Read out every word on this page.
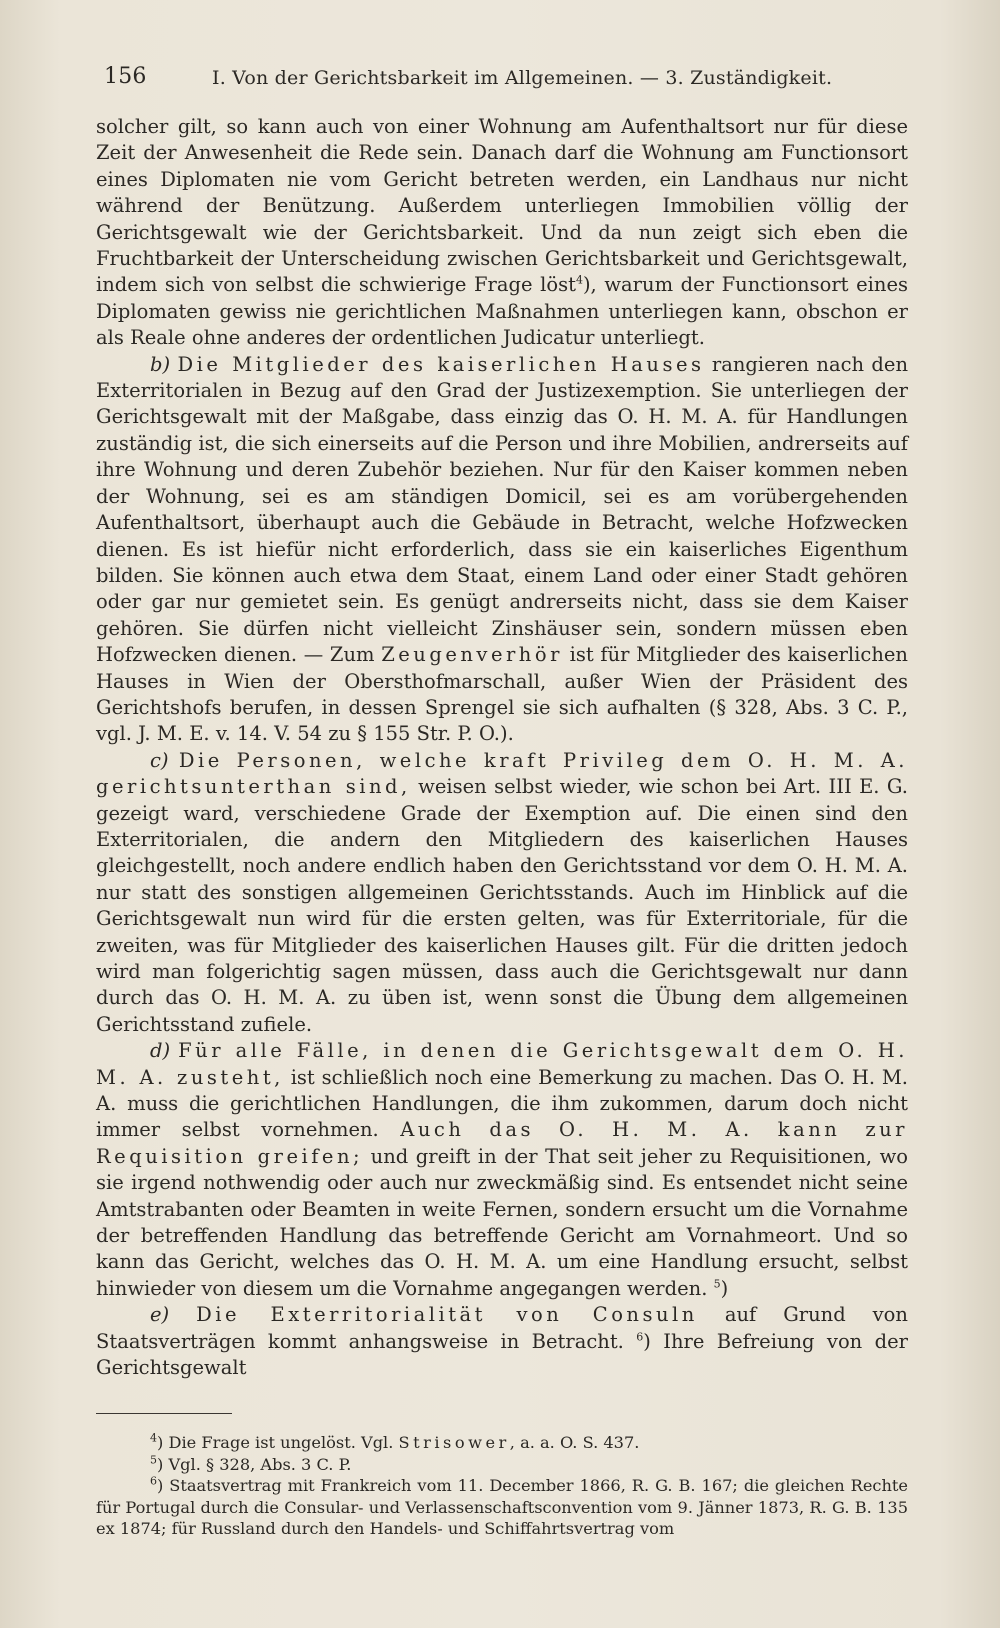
156	I. Von der Gerichtsbarkeit im Allgemeinen. — 3. Zuständigkeit.

solcher gilt, so kann auch von einer Wohnung am Aufenthaltsort nur für diese Zeit der Anwesenheit die Rede sein. Danach darf die Wohnung am Functionsort eines Diplomaten nie vom Gericht betreten werden, ein Landhaus nur nicht während der Benützung. Außerdem unterliegen Immobilien völlig der Gerichtsgewalt wie der Gerichtsbarkeit. Und da nun zeigt sich eben die Fruchtbarkeit der Unterscheidung zwischen Gerichtsbarkeit und Gerichtsgewalt, indem sich von selbst die schwierige Frage löst$^4$), warum der Functionsort eines Diplomaten gewiss nie gerichtlichen Maßnahmen unterliegen kann, obschon er als Reale ohne anderes der ordentlichen Judicatur unterliegt.

b) Die Mitglieder des kaiserlichen Hauses rangieren nach den Exterritorialen in Bezug auf den Grad der Justizexemption. Sie unterliegen der Gerichtsgewalt mit der Maßgabe, dass einzig das O. H. M. A. für Handlungen zuständig ist, die sich einerseits auf die Person und ihre Mobilien, andrerseits auf ihre Wohnung und deren Zubehör beziehen. Nur für den Kaiser kommen neben der Wohnung, sei es am ständigen Domicil, sei es am vorübergehenden Aufenthaltsort, überhaupt auch die Gebäude in Betracht, welche Hofzwecken dienen. Es ist hiefür nicht erforderlich, dass sie ein kaiserliches Eigenthum bilden. Sie können auch etwa dem Staat, einem Land oder einer Stadt gehören oder gar nur gemietet sein. Es genügt andrerseits nicht, dass sie dem Kaiser gehören. Sie dürfen nicht vielleicht Zinshäuser sein, sondern müssen eben Hofzwecken dienen. — Zum Zeugenverhör ist für Mitglieder des kaiserlichen Hauses in Wien der Obersthofmarschall, außer Wien der Präsident des Gerichtshofs berufen, in dessen Sprengel sie sich aufhalten (§ 328, Abs. 3 C. P., vgl. J. M. E. v. 14. V. 54 zu § 155 Str. P. O.).

c) Die Personen, welche kraft Privileg dem O. H. M. A. gerichtsunterthan sind, weisen selbst wieder, wie schon bei Art. III E. G. gezeigt ward, verschiedene Grade der Exemption auf. Die einen sind den Exterritorialen, die andern den Mitgliedern des kaiserlichen Hauses gleichgestellt, noch andere endlich haben den Gerichtsstand vor dem O. H. M. A. nur statt des sonstigen allgemeinen Gerichtsstands. Auch im Hinblick auf die Gerichtsgewalt nun wird für die ersten gelten, was für Exterritoriale, für die zweiten, was für Mitglieder des kaiserlichen Hauses gilt. Für die dritten jedoch wird man folgerichtig sagen müssen, dass auch die Gerichtsgewalt nur dann durch das O. H. M. A. zu üben ist, wenn sonst die Übung dem allgemeinen Gerichtsstand zufiele.

d) Für alle Fälle, in denen die Gerichtsgewalt dem O. H. M. A. zusteht, ist schließlich noch eine Bemerkung zu machen. Das O. H. M. A. muss die gerichtlichen Handlungen, die ihm zukommen, darum doch nicht immer selbst vornehmen. Auch das O. H. M. A. kann zur Requisition greifen; und greift in der That seit jeher zu Requisitionen, wo sie irgend nothwendig oder auch nur zweckmäßig sind. Es entsendet nicht seine Amtstrabanten oder Beamten in weite Fernen, sondern ersucht um die Vornahme der betreffenden Handlung das betreffende Gericht am Vornahmeort. Und so kann das Gericht, welches das O. H. M. A. um eine Handlung ersucht, selbst hinwieder von diesem um die Vornahme angegangen werden. $^5$)

e) Die Exterritorialität von Consuln auf Grund von Staatsverträgen kommt anhangsweise in Betracht. $^6$) Ihre Befreiung von der Gerichtsgewalt

$^4$) Die Frage ist ungelöst. Vgl. Strisower, a. a. O. S. 437.

$^5$) Vgl. § 328, Abs. 3 C. P.

$^6$) Staatsvertrag mit Frankreich vom 11. December 1866, R. G. B. 167; die gleichen Rechte für Portugal durch die Consular- und Verlassenschaftsconvention vom 9. Jänner 1873, R. G. B. 135 ex 1874; für Russland durch den Handels- und Schiffahrtsvertrag vom
